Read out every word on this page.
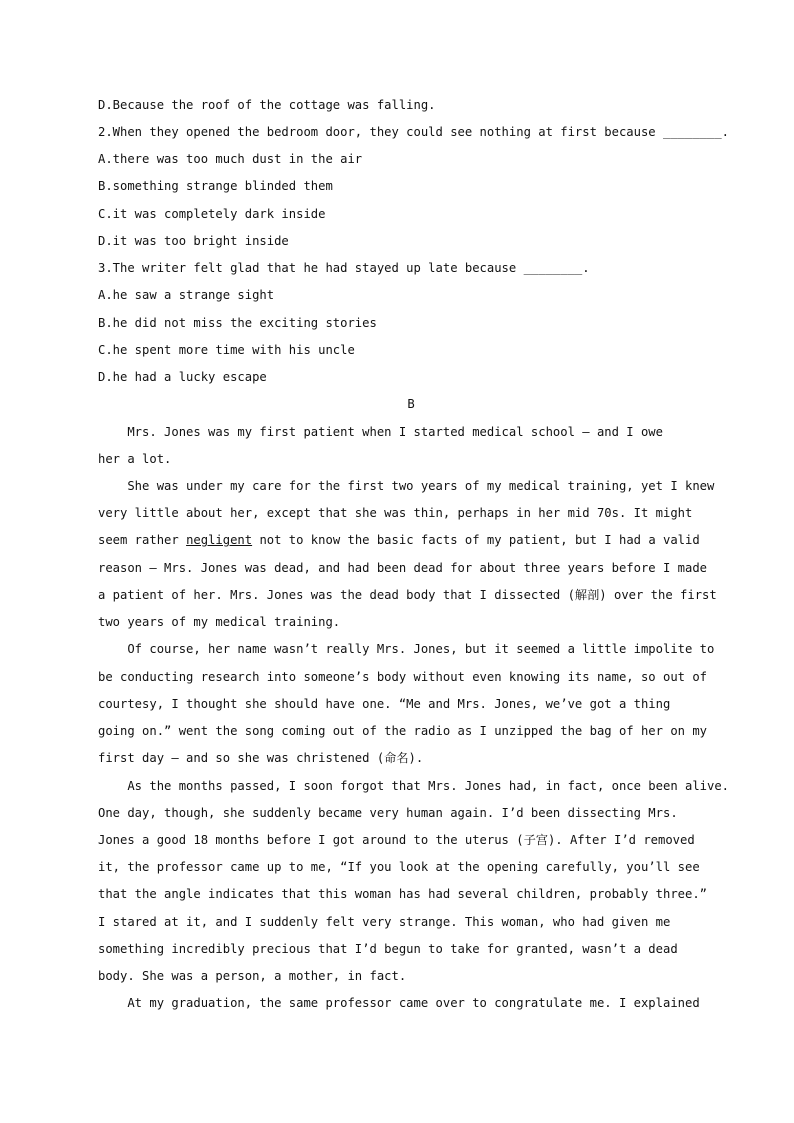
D.Because the roof of the cottage was falling.
2.When they opened the bedroom door, they could see nothing at first because ________.
A.there was too much dust in the air
B.something strange blinded them
C.it was completely dark inside
D.it was too bright inside
3.The writer felt glad that he had stayed up late because ________.
A.he saw a strange sight
B.he did not miss the exciting stories
C.he spent more time with his uncle
D.he had a lucky escape
B
Mrs. Jones was my first patient when I started medical school — and I owe
her a lot.
She was under my care for the first two years of my medical training, yet I knew
very little about her, except that she was thin, perhaps in her mid 70s. It might
seem rather negligent not to know the basic facts of my patient, but I had a valid
reason — Mrs. Jones was dead, and had been dead for about three years before I made
a patient of her. Mrs. Jones was the dead body that I dissected (解剖) over the first
two years of my medical training.
Of course, her name wasn’t really Mrs. Jones, but it seemed a little impolite to
be conducting research into someone’s body without even knowing its name, so out of
courtesy, I thought she should have one. “Me and Mrs. Jones, we’ve got a thing
going on.” went the song coming out of the radio as I unzipped the bag of her on my
first day — and so she was christened (命名).
As the months passed, I soon forgot that Mrs. Jones had, in fact, once been alive.
One day, though, she suddenly became very human again. I’d been dissecting Mrs.
Jones a good 18 months before I got around to the uterus (子宫). After I’d removed
it, the professor came up to me, “If you look at the opening carefully, you’ll see
that the angle indicates that this woman has had several children, probably three.”
I stared at it, and I suddenly felt very strange. This woman, who had given me
something incredibly precious that I’d begun to take for granted, wasn’t a dead
body. She was a person, a mother, in fact.
At my graduation, the same professor came over to congratulate me. I explained
